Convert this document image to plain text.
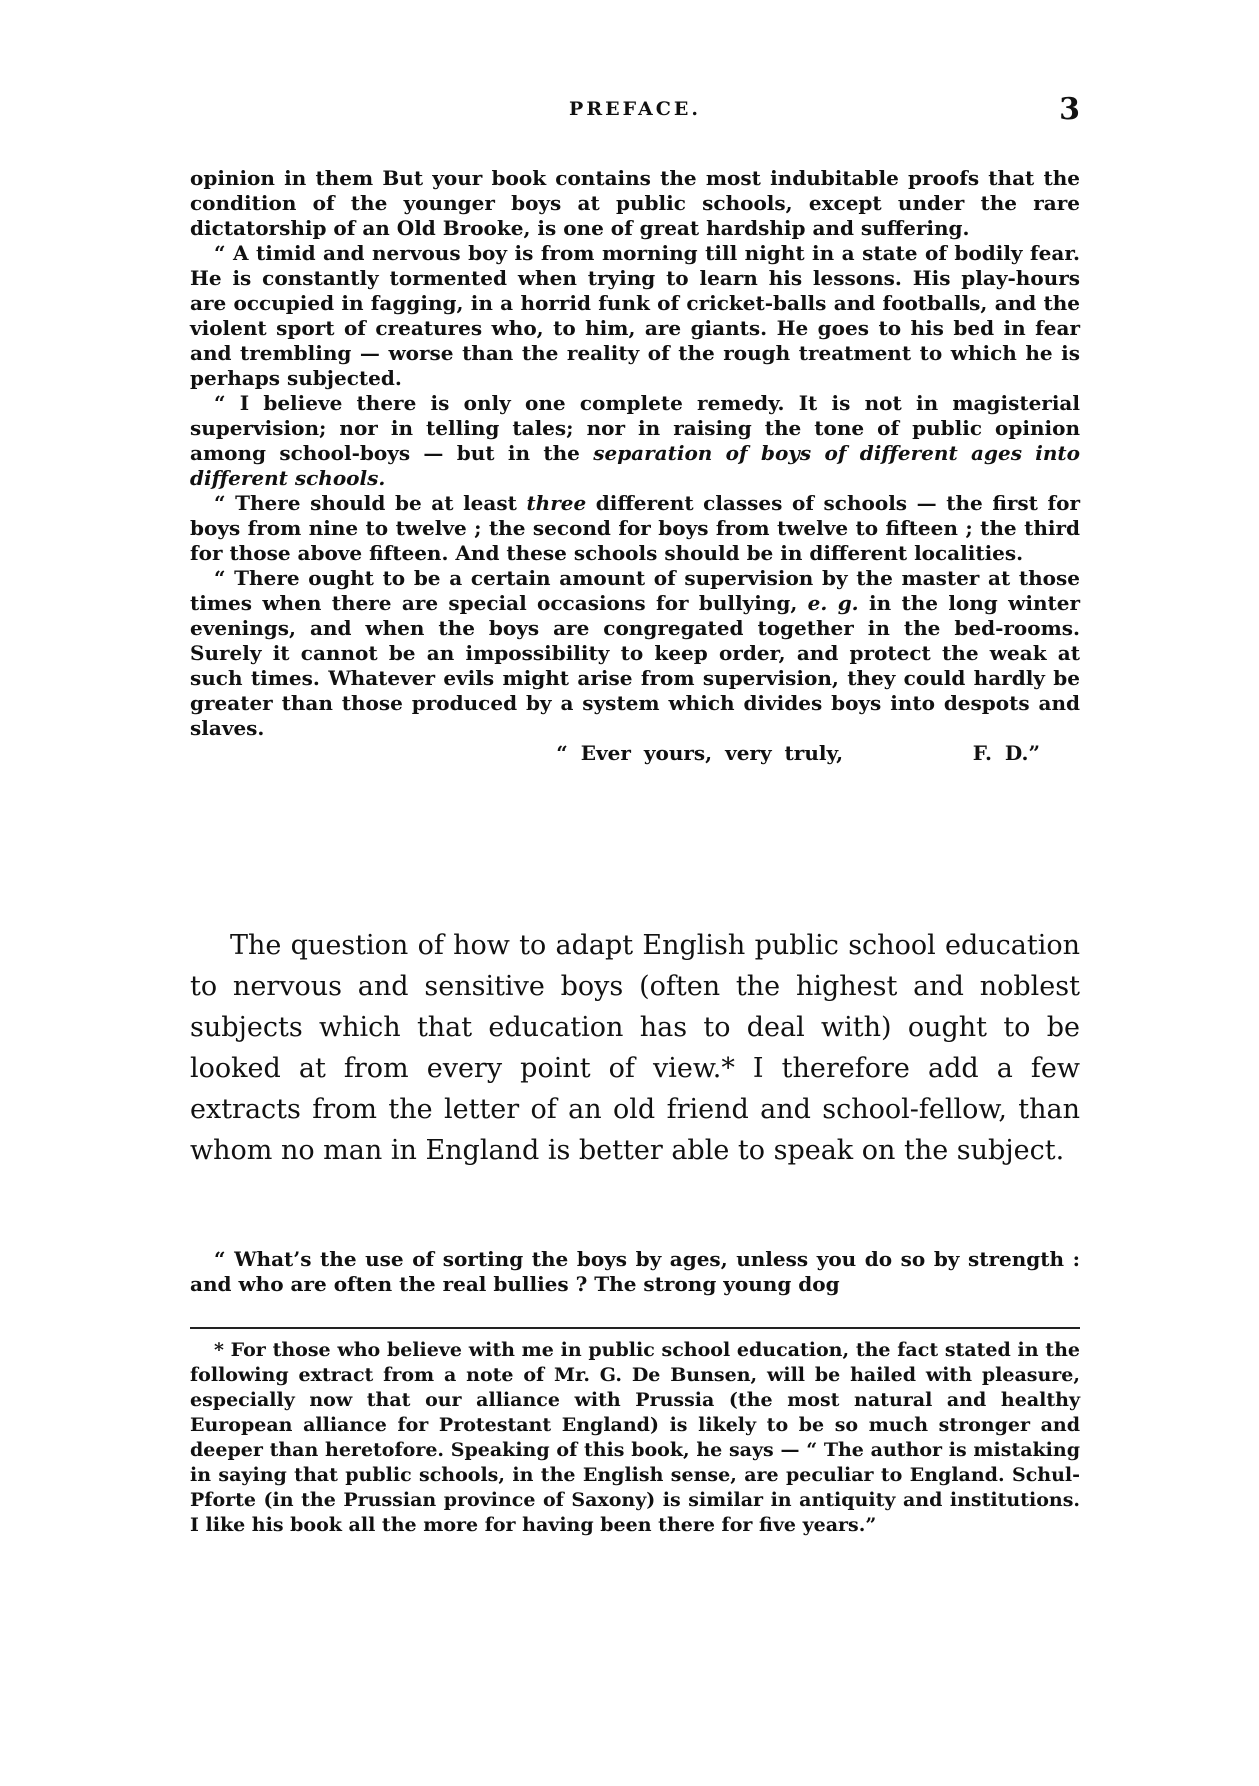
PREFACE.	3

opinion in them But your book contains the most indubitable proofs that the condition of the younger boys at public schools, except under the rare dictatorship of an Old Brooke, is one of great hardship and suffering.

“ A timid and nervous boy is from morning till night in a state of bodily fear. He is constantly tormented when trying to learn his lessons. His play-hours are occupied in fagging, in a horrid funk of cricket-balls and footballs, and the violent sport of creatures who, to him, are giants. He goes to his bed in fear and trembling — worse than the reality of the rough treatment to which he is perhaps subjected.

“ I believe there is only one complete remedy. It is not in magisterial supervision; nor in telling tales; nor in raising the tone of public opinion among school-boys — but in the separation of boys of different ages into different schools.

“ There should be at least three different classes of schools — the first for boys from nine to twelve ; the second for boys from twelve to fifteen ; the third for those above fifteen. And these schools should be in different localities.

“ There ought to be a certain amount of supervision by the master at those times when there are special occasions for bullying, e. g. in the long winter evenings, and when the boys are congregated together in the bed-rooms. Surely it cannot be an impossibility to keep order, and protect the weak at such times. Whatever evils might arise from supervision, they could hardly be greater than those produced by a system which divides boys into despots and slaves.

“ Ever yours, very truly,	F. D.”

The question of how to adapt English public school education to nervous and sensitive boys (often the highest and noblest subjects which that education has to deal with) ought to be looked at from every point of view.* I therefore add a few extracts from the letter of an old friend and school-fellow, than whom no man in England is better able to speak on the subject.

“ What’s the use of sorting the boys by ages, unless you do so by strength : and who are often the real bullies ? The strong young dog

* For those who believe with me in public school education, the fact stated in the following extract from a note of Mr. G. De Bunsen, will be hailed with pleasure, especially now that our alliance with Prussia (the most natural and healthy European alliance for Protestant England) is likely to be so much stronger and deeper than heretofore. Speaking of this book, he says — “ The author is mistaking in saying that public schools, in the English sense, are peculiar to England. Schul-Pforte (in the Prussian province of Saxony) is similar in antiquity and institutions. I like his book all the more for having been there for five years.”
